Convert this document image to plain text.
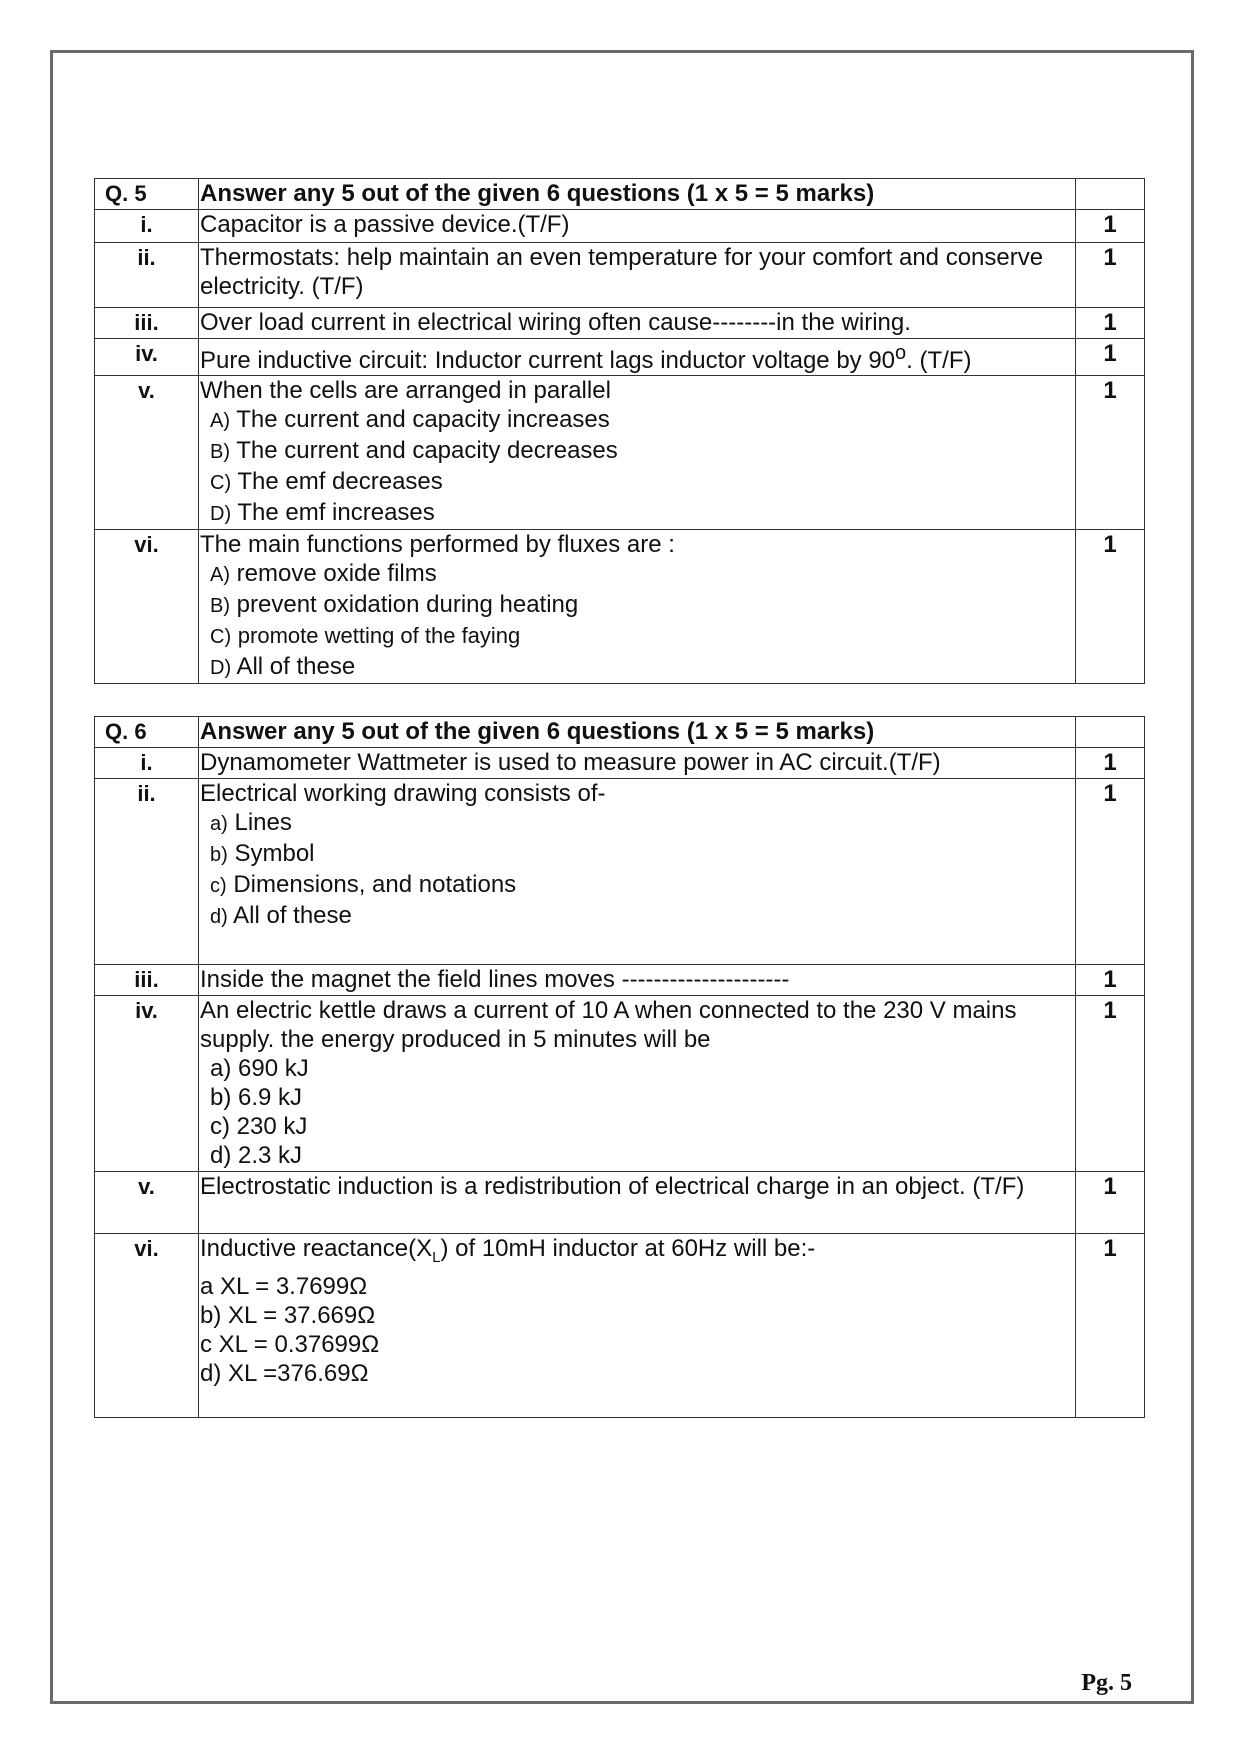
Q. 5	Answer any 5 out of the given 6 questions (1 x 5 = 5 marks)	
i.	Capacitor is a passive device.(T/F)	1
ii.	Thermostats: help maintain an even temperature for your comfort and conserve electricity. (T/F)	1
iii.	Over load current in electrical wiring often cause--------in the wiring.	1
iv.	Pure inductive circuit: Inductor current lags inductor voltage by 90$^o$. (T/F)	1
v.	When the cells are arranged in parallel
A) The current and capacity increases
B) The current and capacity decreases
C) The emf decreases
D) The emf increases	1
vi.	The main functions performed by fluxes are :
A) remove oxide films
B) prevent oxidation during heating
C) promote wetting of the faying
D) All of these	1
Q. 6	Answer any 5 out of the given 6 questions (1 x 5 = 5 marks)	
i.	Dynamometer Wattmeter is used to measure power in AC circuit.(T/F)	1
ii.	Electrical working drawing consists of-
a) Lines
b) Symbol
c) Dimensions, and notations
d) All of these	1
iii.	Inside the magnet the field lines moves ---------------------	1
iv.	An electric kettle draws a current of 10 A when connected to the 230 V mains supply. the energy produced in 5 minutes will be
a) 690 kJ
b) 6.9 kJ
c) 230 kJ
d) 2.3 kJ	1
v.	Electrostatic induction is a redistribution of electrical charge in an object. (T/F)	1
vi.	Inductive $reactance(X_L)$ of 10mH inductor at 60Hz will be:-
a XL = 3.7699Ω
b) XL = 37.669Ω
c XL = 0.37699Ω
d) XL =376.69Ω	1
Pg. 5
